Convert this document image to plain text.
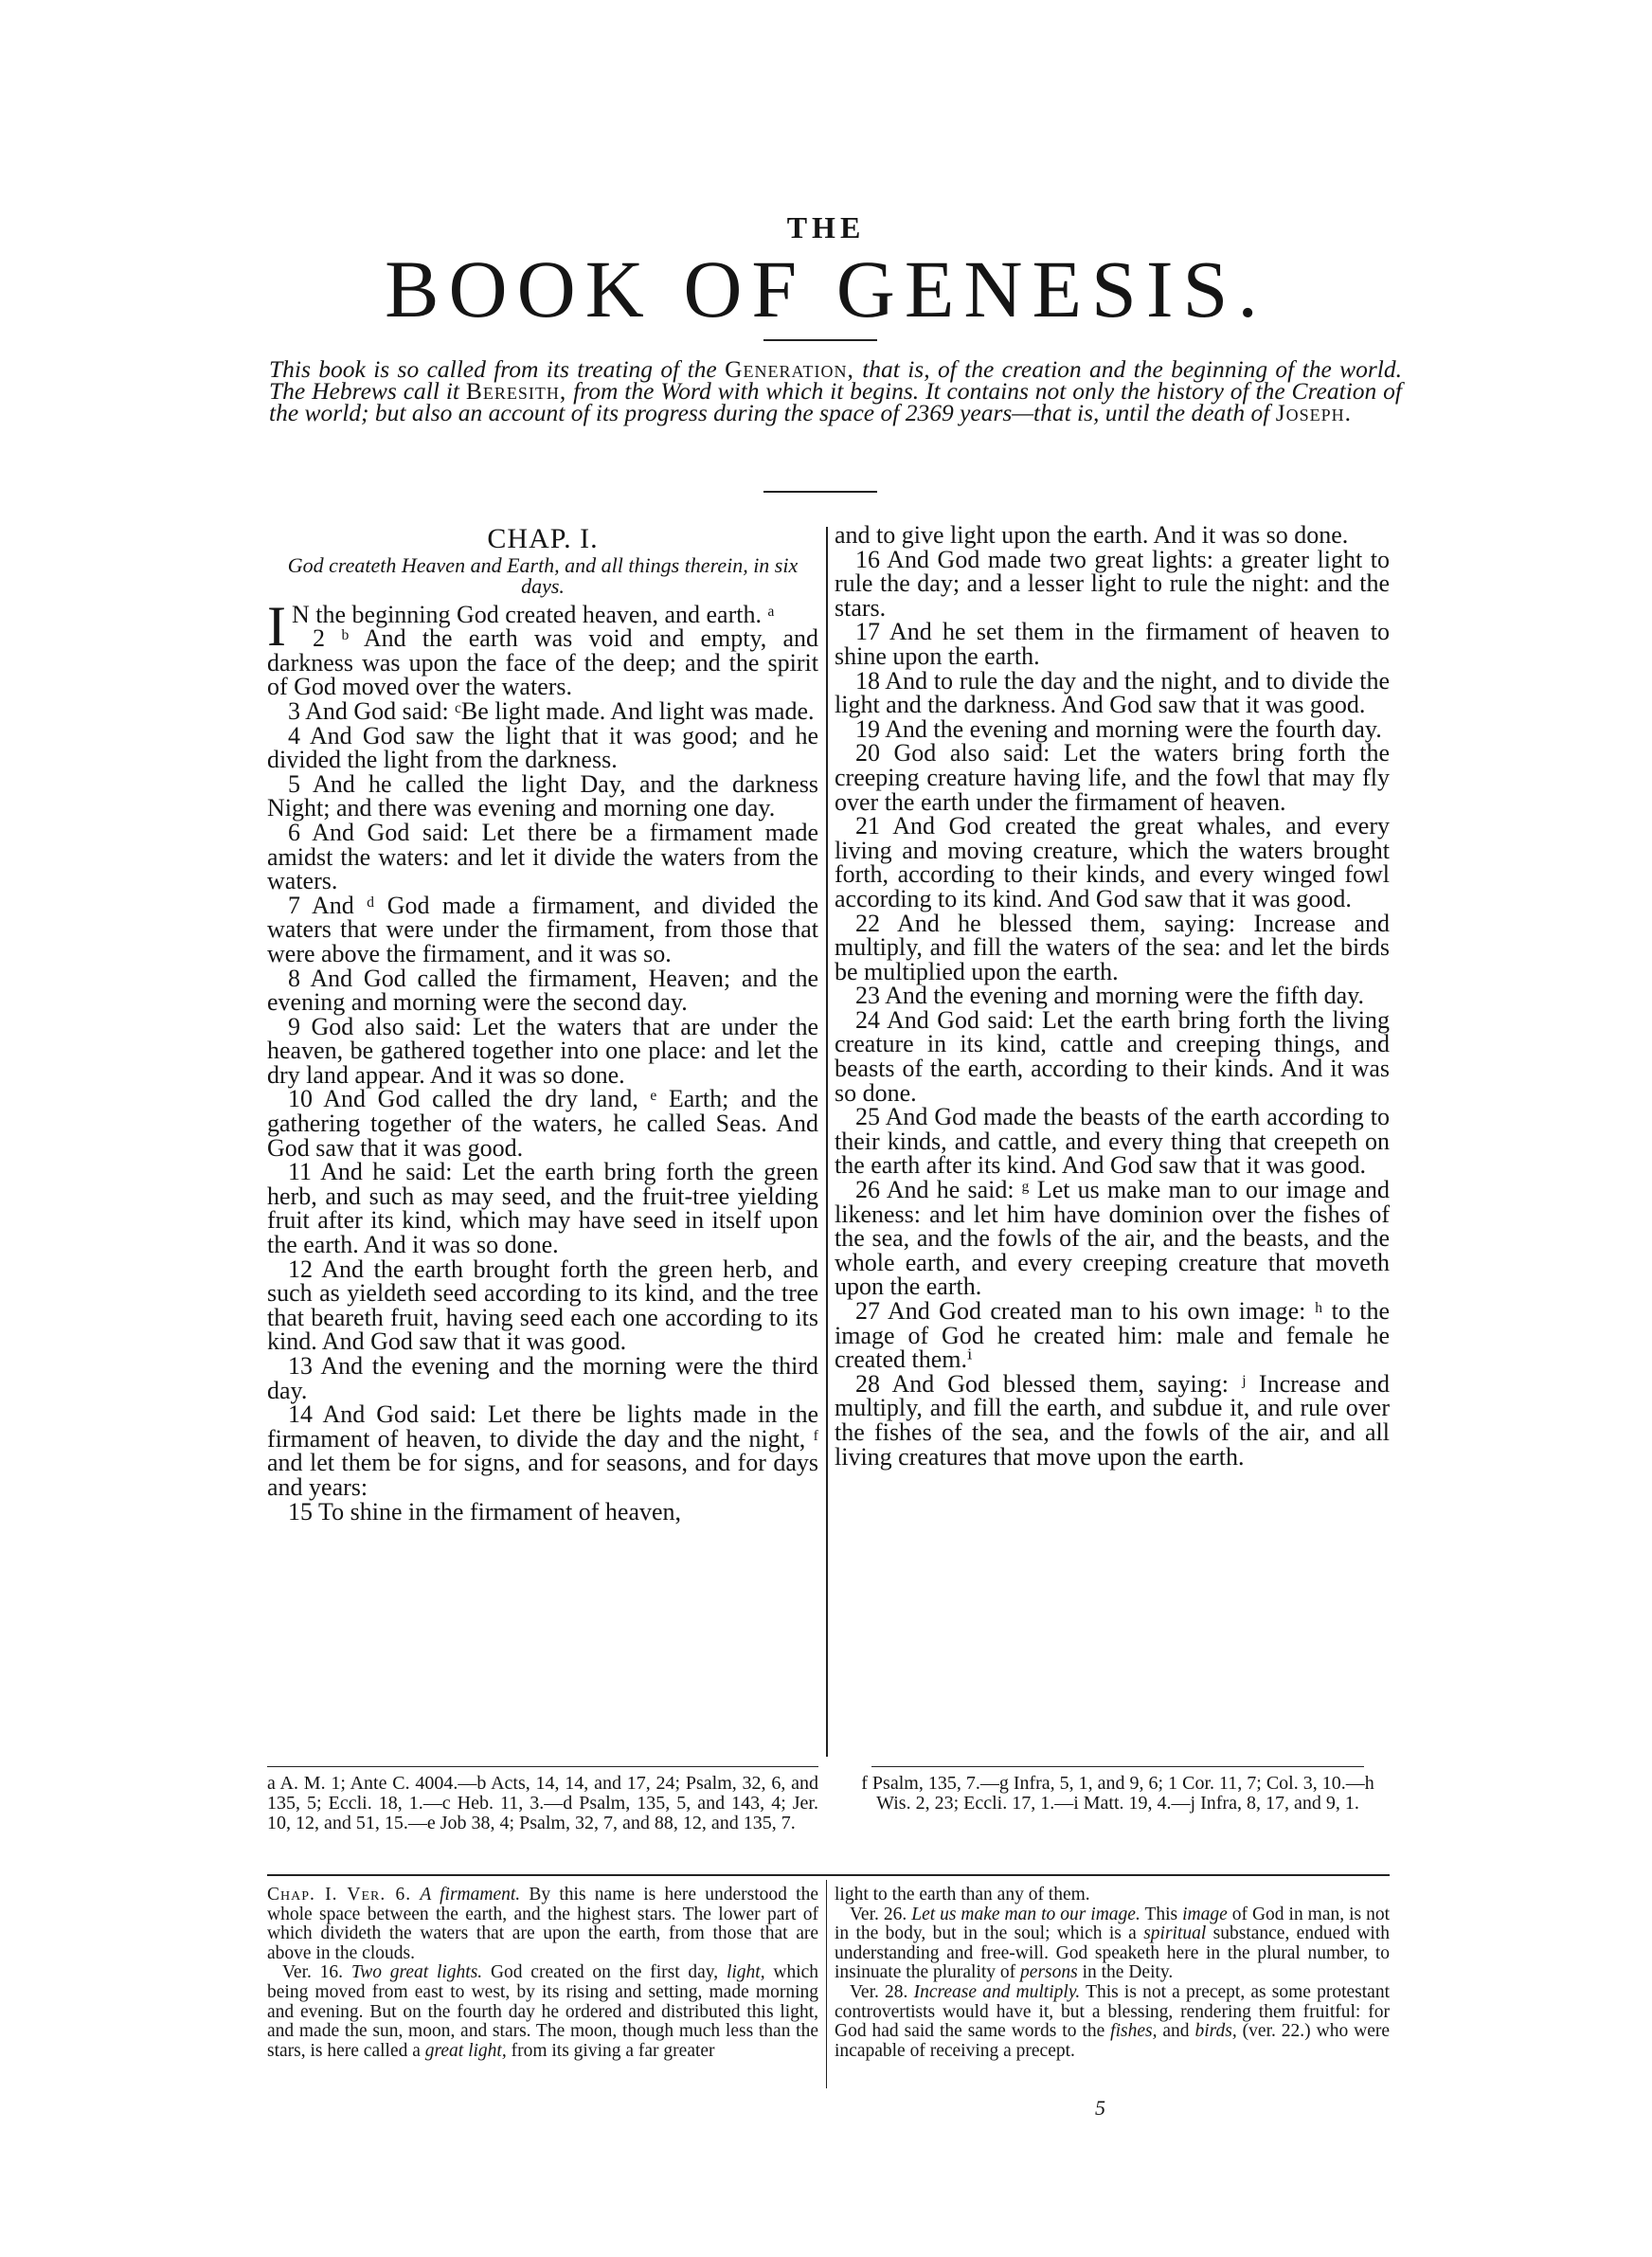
THE
BOOK OF GENESIS.
This book is so called from its treating of the Generation, that is, of the creation and the beginning of the world. The Hebrews call it Beresith, from the Word with which it begins. It contains not only the history of the Creation of the world; but also an account of its progress during the space of 2369 years—that is, until the death of Joseph.
CHAP. I.
God createth Heaven and Earth, and all things therein, in six days.

I N the beginning God created heaven, and earth. ᵃ

2 ᵇ And the earth was void and empty, and darkness was upon the face of the deep; and the spirit of God moved over the waters.

3 And God said: ᶜBe light made. And light was made.

4 And God saw the light that it was good; and he divided the light from the darkness.

5 And he called the light Day, and the darkness Night; and there was evening and morning one day.

6 And God said: Let there be a firmament made amidst the waters: and let it divide the waters from the waters.

7 And ᵈ God made a firmament, and divided the waters that were under the firmament, from those that were above the firmament, and it was so.

8 And God called the firmament, Heaven; and the evening and morning were the second day.

9 God also said: Let the waters that are under the heaven, be gathered together into one place: and let the dry land appear. And it was so done.

10 And God called the dry land, ᵉ Earth; and the gathering together of the waters, he called Seas. And God saw that it was good.

11 And he said: Let the earth bring forth the green herb, and such as may seed, and the fruit-tree yielding fruit after its kind, which may have seed in itself upon the earth. And it was so done.

12 And the earth brought forth the green herb, and such as yieldeth seed according to its kind, and the tree that beareth fruit, having seed each one according to its kind. And God saw that it was good.

13 And the evening and the morning were the third day.

14 And God said: Let there be lights made in the firmament of heaven, to divide the day and the night, ᶠ and let them be for signs, and for seasons, and for days and years:

15 To shine in the firmament of heaven,

and to give light upon the earth. And it was so done.

16 And God made two great lights: a greater light to rule the day; and a lesser light to rule the night: and the stars.

17 And he set them in the firmament of heaven to shine upon the earth.

18 And to rule the day and the night, and to divide the light and the darkness. And God saw that it was good.

19 And the evening and morning were the fourth day.

20 God also said: Let the waters bring forth the creeping creature having life, and the fowl that may fly over the earth under the firmament of heaven.

21 And God created the great whales, and every living and moving creature, which the waters brought forth, according to their kinds, and every winged fowl according to its kind. And God saw that it was good.

22 And he blessed them, saying: Increase and multiply, and fill the waters of the sea: and let the birds be multiplied upon the earth.

23 And the evening and morning were the fifth day.

24 And God said: Let the earth bring forth the living creature in its kind, cattle and creeping things, and beasts of the earth, according to their kinds. And it was so done.

25 And God made the beasts of the earth according to their kinds, and cattle, and every thing that creepeth on the earth after its kind. And God saw that it was good.

26 And he said: ᵍ Let us make man to our image and likeness: and let him have dominion over the fishes of the sea, and the fowls of the air, and the beasts, and the whole earth, and every creeping creature that moveth upon the earth.

27 And God created man to his own image: ʰ to the image of God he created him: male and female he created them.ⁱ

28 And God blessed them, saying: ʲ Increase and multiply, and fill the earth, and subdue it, and rule over the fishes of the sea, and the fowls of the air, and all living creatures that move upon the earth.

a A. M. 1; Ante C. 4004.—b Acts, 14, 14, and 17, 24; Psalm, 32, 6, and 135, 5; Eccli. 18, 1.—c Heb. 11, 3.—d Psalm, 135, 5, and 143, 4; Jer. 10, 12, and 51, 15.—e Job 38, 4; Psalm, 32, 7, and 88, 12, and 135, 7.
f Psalm, 135, 7.—g Infra, 5, 1, and 9, 6; 1 Cor. 11, 7; Col. 3, 10.—h Wis. 2, 23; Eccli. 17, 1.—i Matt. 19, 4.—j Infra, 8, 17, and 9, 1.

Chap. I. Ver. 6. A firmament. By this name is here understood the whole space between the earth, and the highest stars. The lower part of which divideth the waters that are upon the earth, from those that are above in the clouds.

Ver. 16. Two great lights. God created on the first day, light, which being moved from east to west, by its rising and setting, made morning and evening. But on the fourth day he ordered and distributed this light, and made the sun, moon, and stars. The moon, though much less than the stars, is here called a great light, from its giving a far greater

light to the earth than any of them.

Ver. 26. Let us make man to our image. This image of God in man, is not in the body, but in the soul; which is a spiritual substance, endued with understanding and free-will. God speaketh here in the plural number, to insinuate the plurality of persons in the Deity.

Ver. 28. Increase and multiply. This is not a precept, as some protestant controvertists would have it, but a blessing, rendering them fruitful: for God had said the same words to the fishes, and birds, (ver. 22.) who were incapable of receiving a precept.

5
